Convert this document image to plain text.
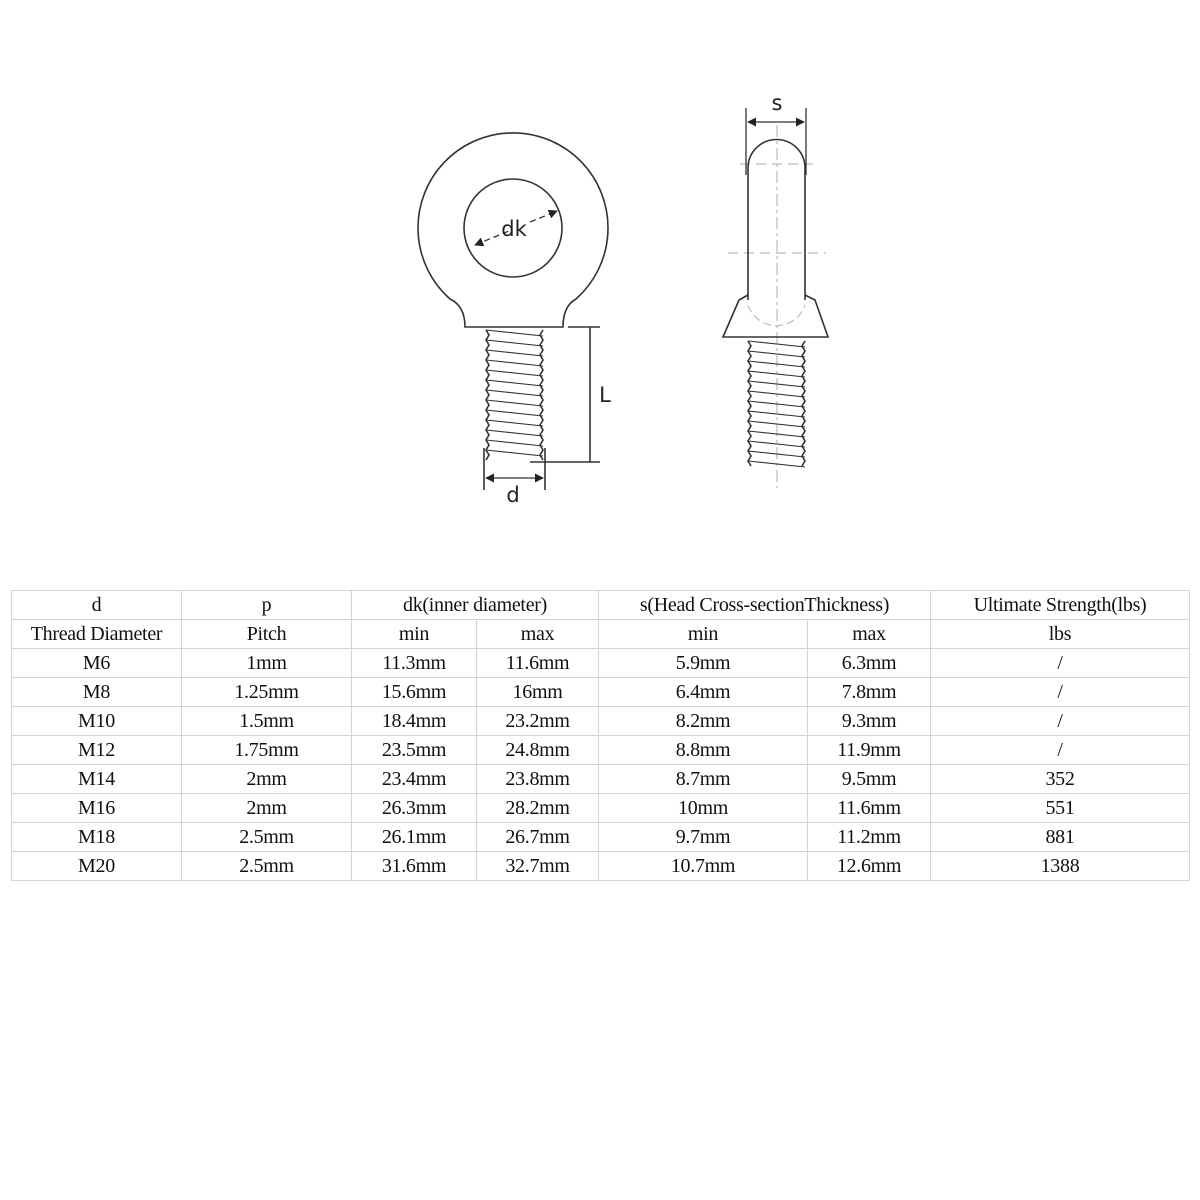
dk
L
d
s
d	p	dk(inner diameter)		s(Head Cross-sectionThickness)		Ultimate Strength(lbs)
Thread Diameter	Pitch	min	max	min	max	lbs
M6	1mm	11.3mm	11.6mm	5.9mm	6.3mm	/
M8	1.25mm	15.6mm	16mm	6.4mm	7.8mm	/
M10	1.5mm	18.4mm	23.2mm	8.2mm	9.3mm	/
M12	1.75mm	23.5mm	24.8mm	8.8mm	11.9mm	/
M14	2mm	23.4mm	23.8mm	8.7mm	9.5mm	352
M16	2mm	26.3mm	28.2mm	10mm	11.6mm	551
M18	2.5mm	26.1mm	26.7mm	9.7mm	11.2mm	881
M20	2.5mm	31.6mm	32.7mm	10.7mm	12.6mm	1388
